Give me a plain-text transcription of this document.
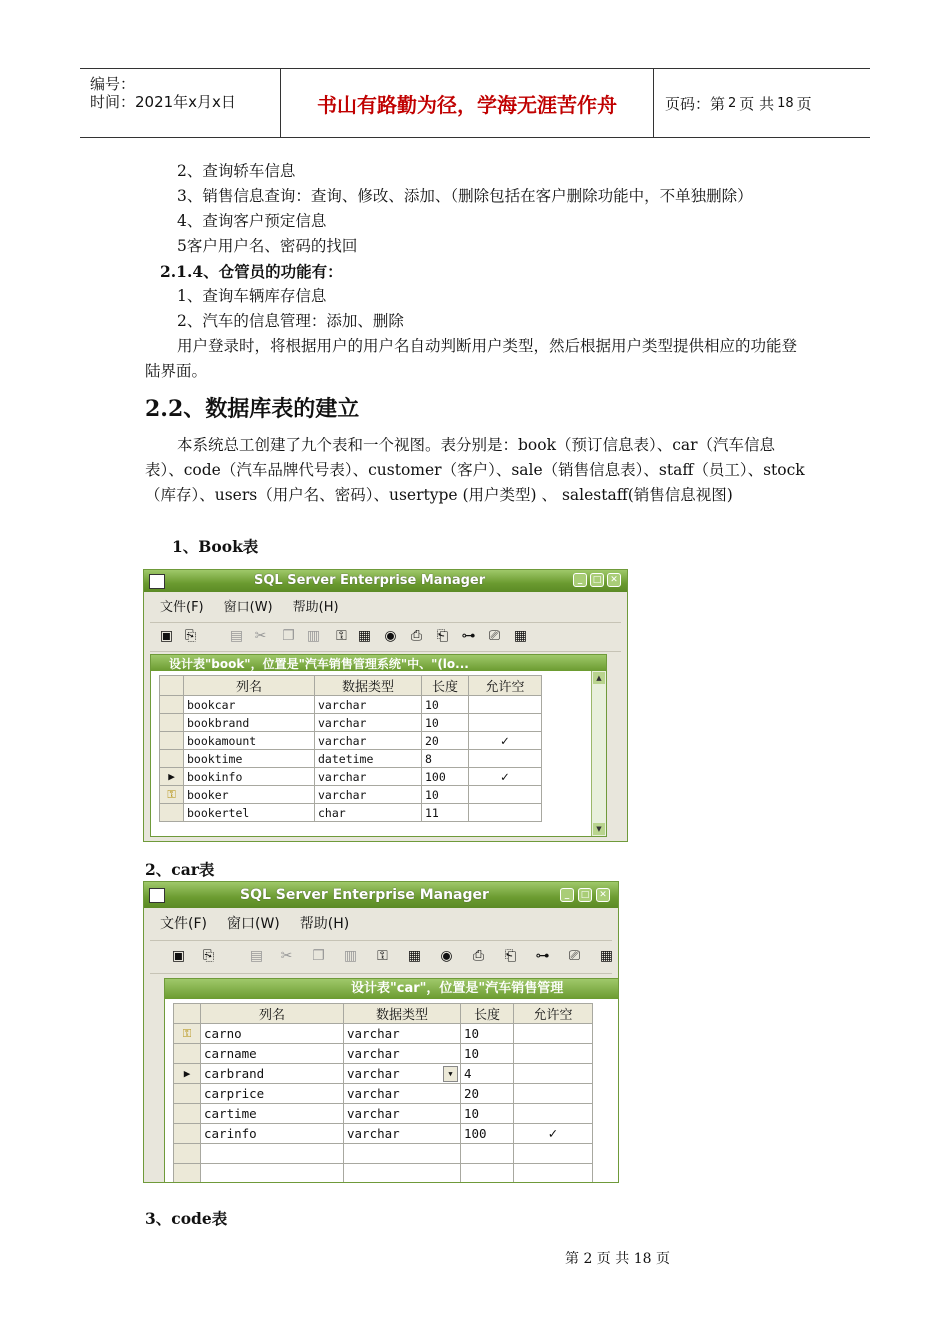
编号：
时间：2021年x月x日	书山有路勤为径，学海无涯苦作舟	页码：第 2 页 共 18 页
2、查询轿车信息
3、销售信息查询：查询、修改、添加、（删除包括在客户删除功能中，不单独删除）
4、查询客户预定信息
5客户用户名、密码的找回
2.1.4、仓管员的功能有：
1、查询车辆库存信息
2、汽车的信息管理：添加、删除
用户登录时，将根据用户的用户名自动判断用户类型，然后根据用户类型提供相应的功能登陆界面。
2.2、数据库表的建立
本系统总工创建了九个表和一个视图。表分别是：book（预订信息表）、car（汽车信息表）、code（汽车品牌代号表）、customer（客户）、sale（销售信息表）、staff（员工）、stock（库存）、users（用户名、密码）、usertype (用户类型) 、 salestaff(销售信息视图)
1、Book表
SQL Server Enterprise Manager	_	□ ✕
文件(F) 窗口(W) 帮助(H)
▣ ⎘ ▤ ✂ ❐ ▥ ⚿ ▦ ◉ ⎙ ⎗ ⊶ ⎚ ▦
设计表"book"，位置是"汽车销售管理系统"中、"(lo...
	列名	数据类型	长度	允许空
	bookcar	varchar	10	
	bookbrand	varchar	10	
	bookamount	varchar	20	✓
	booktime	datetime	8	
▶	bookinfo	varchar	100	✓
⚿	booker	varchar	10	
	bookertel	char	11	
▲
▼
2、car表
SQL Server Enterprise Manager	_	□	✕
文件(F) 窗口(W) 帮助(H)
▣ ⎘	▤ ✂ ❐ ▥ ⚿ ▦ ◉ ⎙ ⎗ ⊶ ⎚ ▦
设计表"car"，位置是"汽车销售管理
	列名	数据类型	长度	允许空
⚿	carno	varchar	10	
	carname	varchar	10	
▶	carbrand	varchar ▼	4	
	carprice	varchar	20	
	cartime	varchar	10	
	carinfo	varchar	100	✓

3、code表
第 2 页 共 18 页
